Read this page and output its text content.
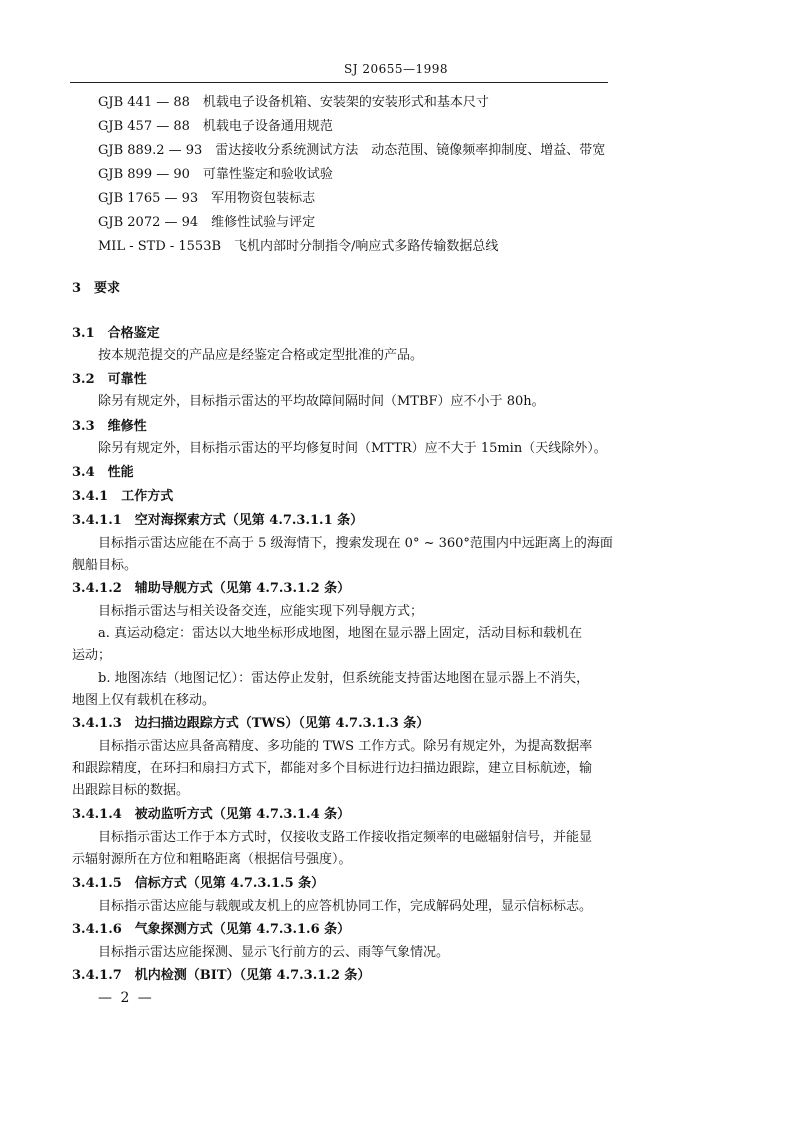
SJ 20655—1998
GJB 441 — 88　机载电子设备机箱、安装架的安装形式和基本尺寸
GJB 457 — 88　机载电子设备通用规范
GJB 889.2 — 93　雷达接收分系统测试方法　动态范围、镜像频率抑制度、增益、带宽
GJB 899 — 90　可靠性鉴定和验收试验
GJB 1765 — 93　军用物资包装标志
GJB 2072 — 94　维修性试验与评定
MIL - STD - 1553B　飞机内部时分制指令/响应式多路传输数据总线
3　要求
3.1　合格鉴定
按本规范提交的产品应是经鉴定合格或定型批准的产品。
3.2　可靠性
除另有规定外，目标指示雷达的平均故障间隔时间（MTBF）应不小于 80h。
3.3　维修性
除另有规定外，目标指示雷达的平均修复时间（MTTR）应不大于 15min（天线除外）。
3.4　性能
3.4.1　工作方式
3.4.1.1　空对海探索方式（见第 4.7.3.1.1 条）
目标指示雷达应能在不高于 5 级海情下，搜索发现在 0° ~ 360°范围内中远距离上的海面
舰船目标。
3.4.1.2　辅助导舰方式（见第 4.7.3.1.2 条）
目标指示雷达与相关设备交连，应能实现下列导舰方式；
a. 真运动稳定：雷达以大地坐标形成地图，地图在显示器上固定，活动目标和载机在
运动；
b. 地图冻结（地图记忆）：雷达停止发射，但系统能支持雷达地图在显示器上不消失，
地图上仅有载机在移动。
3.4.1.3　边扫描边跟踪方式（TWS）（见第 4.7.3.1.3 条）
目标指示雷达应具备高精度、多功能的 TWS 工作方式。除另有规定外，为提高数据率
和跟踪精度，在环扫和扇扫方式下，都能对多个目标进行边扫描边跟踪，建立目标航迹，输
出跟踪目标的数据。
3.4.1.4　被动监听方式（见第 4.7.3.1.4 条）
目标指示雷达工作于本方式时，仅接收支路工作接收指定频率的电磁辐射信号，并能显
示辐射源所在方位和粗略距离（根据信号强度）。
3.4.1.5　信标方式（见第 4.7.3.1.5 条）
目标指示雷达应能与载舰或友机上的应答机协同工作，完成解码处理，显示信标标志。
3.4.1.6　气象探测方式（见第 4.7.3.1.6 条）
目标指示雷达应能探测、显示飞行前方的云、雨等气象情况。
3.4.1.7　机内检测（BIT）（见第 4.7.3.1.2 条）
— 2 —
